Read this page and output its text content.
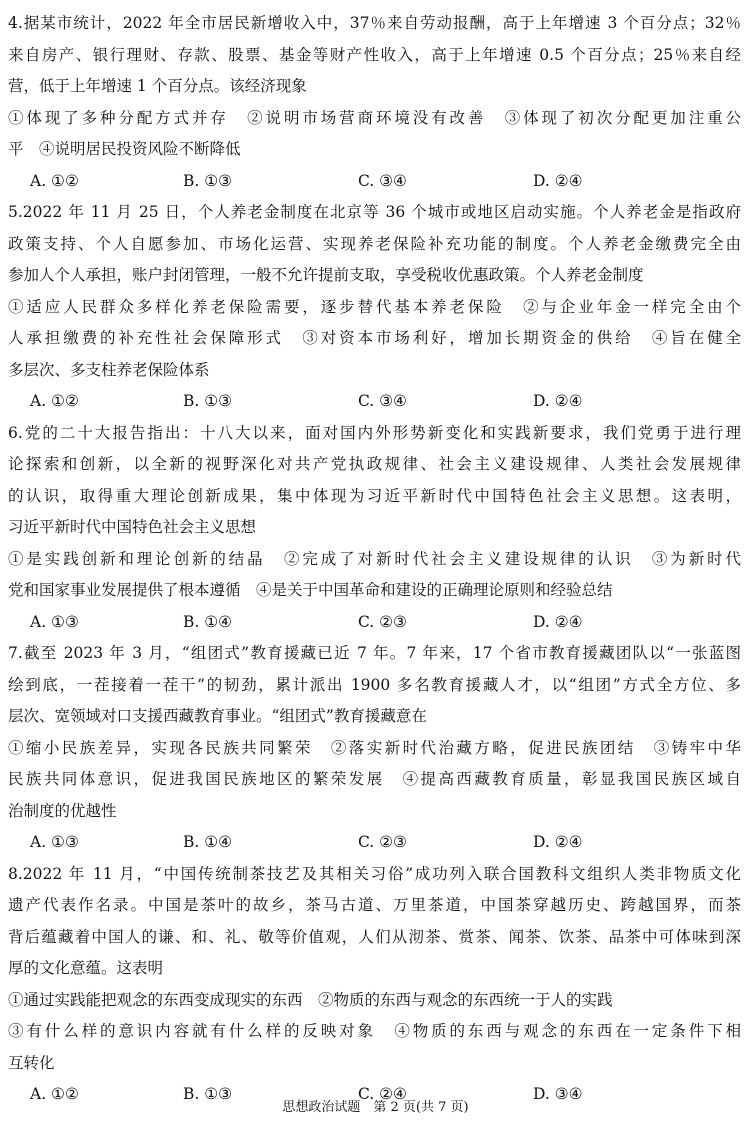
4.据某市统计，2022 年全市居民新增收入中，37％来自劳动报酬，高于上年增速 3 个百分点；32％
来自房产、银行理财、存款、股票、基金等财产性收入，高于上年增速 0.5 个百分点；25％来自经
营，低于上年增速 1 个百分点。该经济现象
①体现了多种分配方式并存　②说明市场营商环境没有改善　③体现了初次分配更加注重公
平　④说明居民投资风险不断降低
A. ①②	B. ①③	C. ③④	D. ②④
5.2022 年 11 月 25 日，个人养老金制度在北京等 36 个城市或地区启动实施。个人养老金是指政府
政策支持、个人自愿参加、市场化运营、实现养老保险补充功能的制度。个人养老金缴费完全由
参加人个人承担，账户封闭管理，一般不允许提前支取，享受税收优惠政策。个人养老金制度
①适应人民群众多样化养老保险需要，逐步替代基本养老保险　②与企业年金一样完全由个
人承担缴费的补充性社会保障形式　③对资本市场利好，增加长期资金的供给　④旨在健全
多层次、多支柱养老保险体系
A. ①②	B. ①③	C. ③④	D. ②④
6.党的二十大报告指出：十八大以来，面对国内外形势新变化和实践新要求，我们党勇于进行理
论探索和创新，以全新的视野深化对共产党执政规律、社会主义建设规律、人类社会发展规律
的认识，取得重大理论创新成果，集中体现为习近平新时代中国特色社会主义思想。这表明，
习近平新时代中国特色社会主义思想
①是实践创新和理论创新的结晶　②完成了对新时代社会主义建设规律的认识　③为新时代
党和国家事业发展提供了根本遵循　④是关于中国革命和建设的正确理论原则和经验总结
A. ①③	B. ①④	C. ②③	D. ②④
7.截至 2023 年 3 月，“组团式”教育援藏已近 7 年。7 年来，17 个省市教育援藏团队以“一张蓝图
绘到底，一茬接着一茬干”的韧劲，累计派出 1900 多名教育援藏人才，以“组团”方式全方位、多
层次、宽领域对口支援西藏教育事业。“组团式”教育援藏意在
①缩小民族差异，实现各民族共同繁荣　②落实新时代治藏方略，促进民族团结　③铸牢中华
民族共同体意识，促进我国民族地区的繁荣发展　④提高西藏教育质量，彰显我国民族区域自
治制度的优越性
A. ①③	B. ①④	C. ②③	D. ②④
8.2022 年 11 月，“中国传统制茶技艺及其相关习俗”成功列入联合国教科文组织人类非物质文化
遗产代表作名录。中国是茶叶的故乡，茶马古道、万里茶道，中国茶穿越历史、跨越国界，而茶
背后蕴藏着中国人的谦、和、礼、敬等价值观，人们从沏茶、赏茶、闻茶、饮茶、品茶中可体味到深
厚的文化意蕴。这表明
①通过实践能把观念的东西变成现实的东西　②物质的东西与观念的东西统一于人的实践
③有什么样的意识内容就有什么样的反映对象　④物质的东西与观念的东西在一定条件下相
互转化
A. ①②	B. ①③	C. ②④	D. ③④
思想政治试题　第 2 页(共 7 页)
